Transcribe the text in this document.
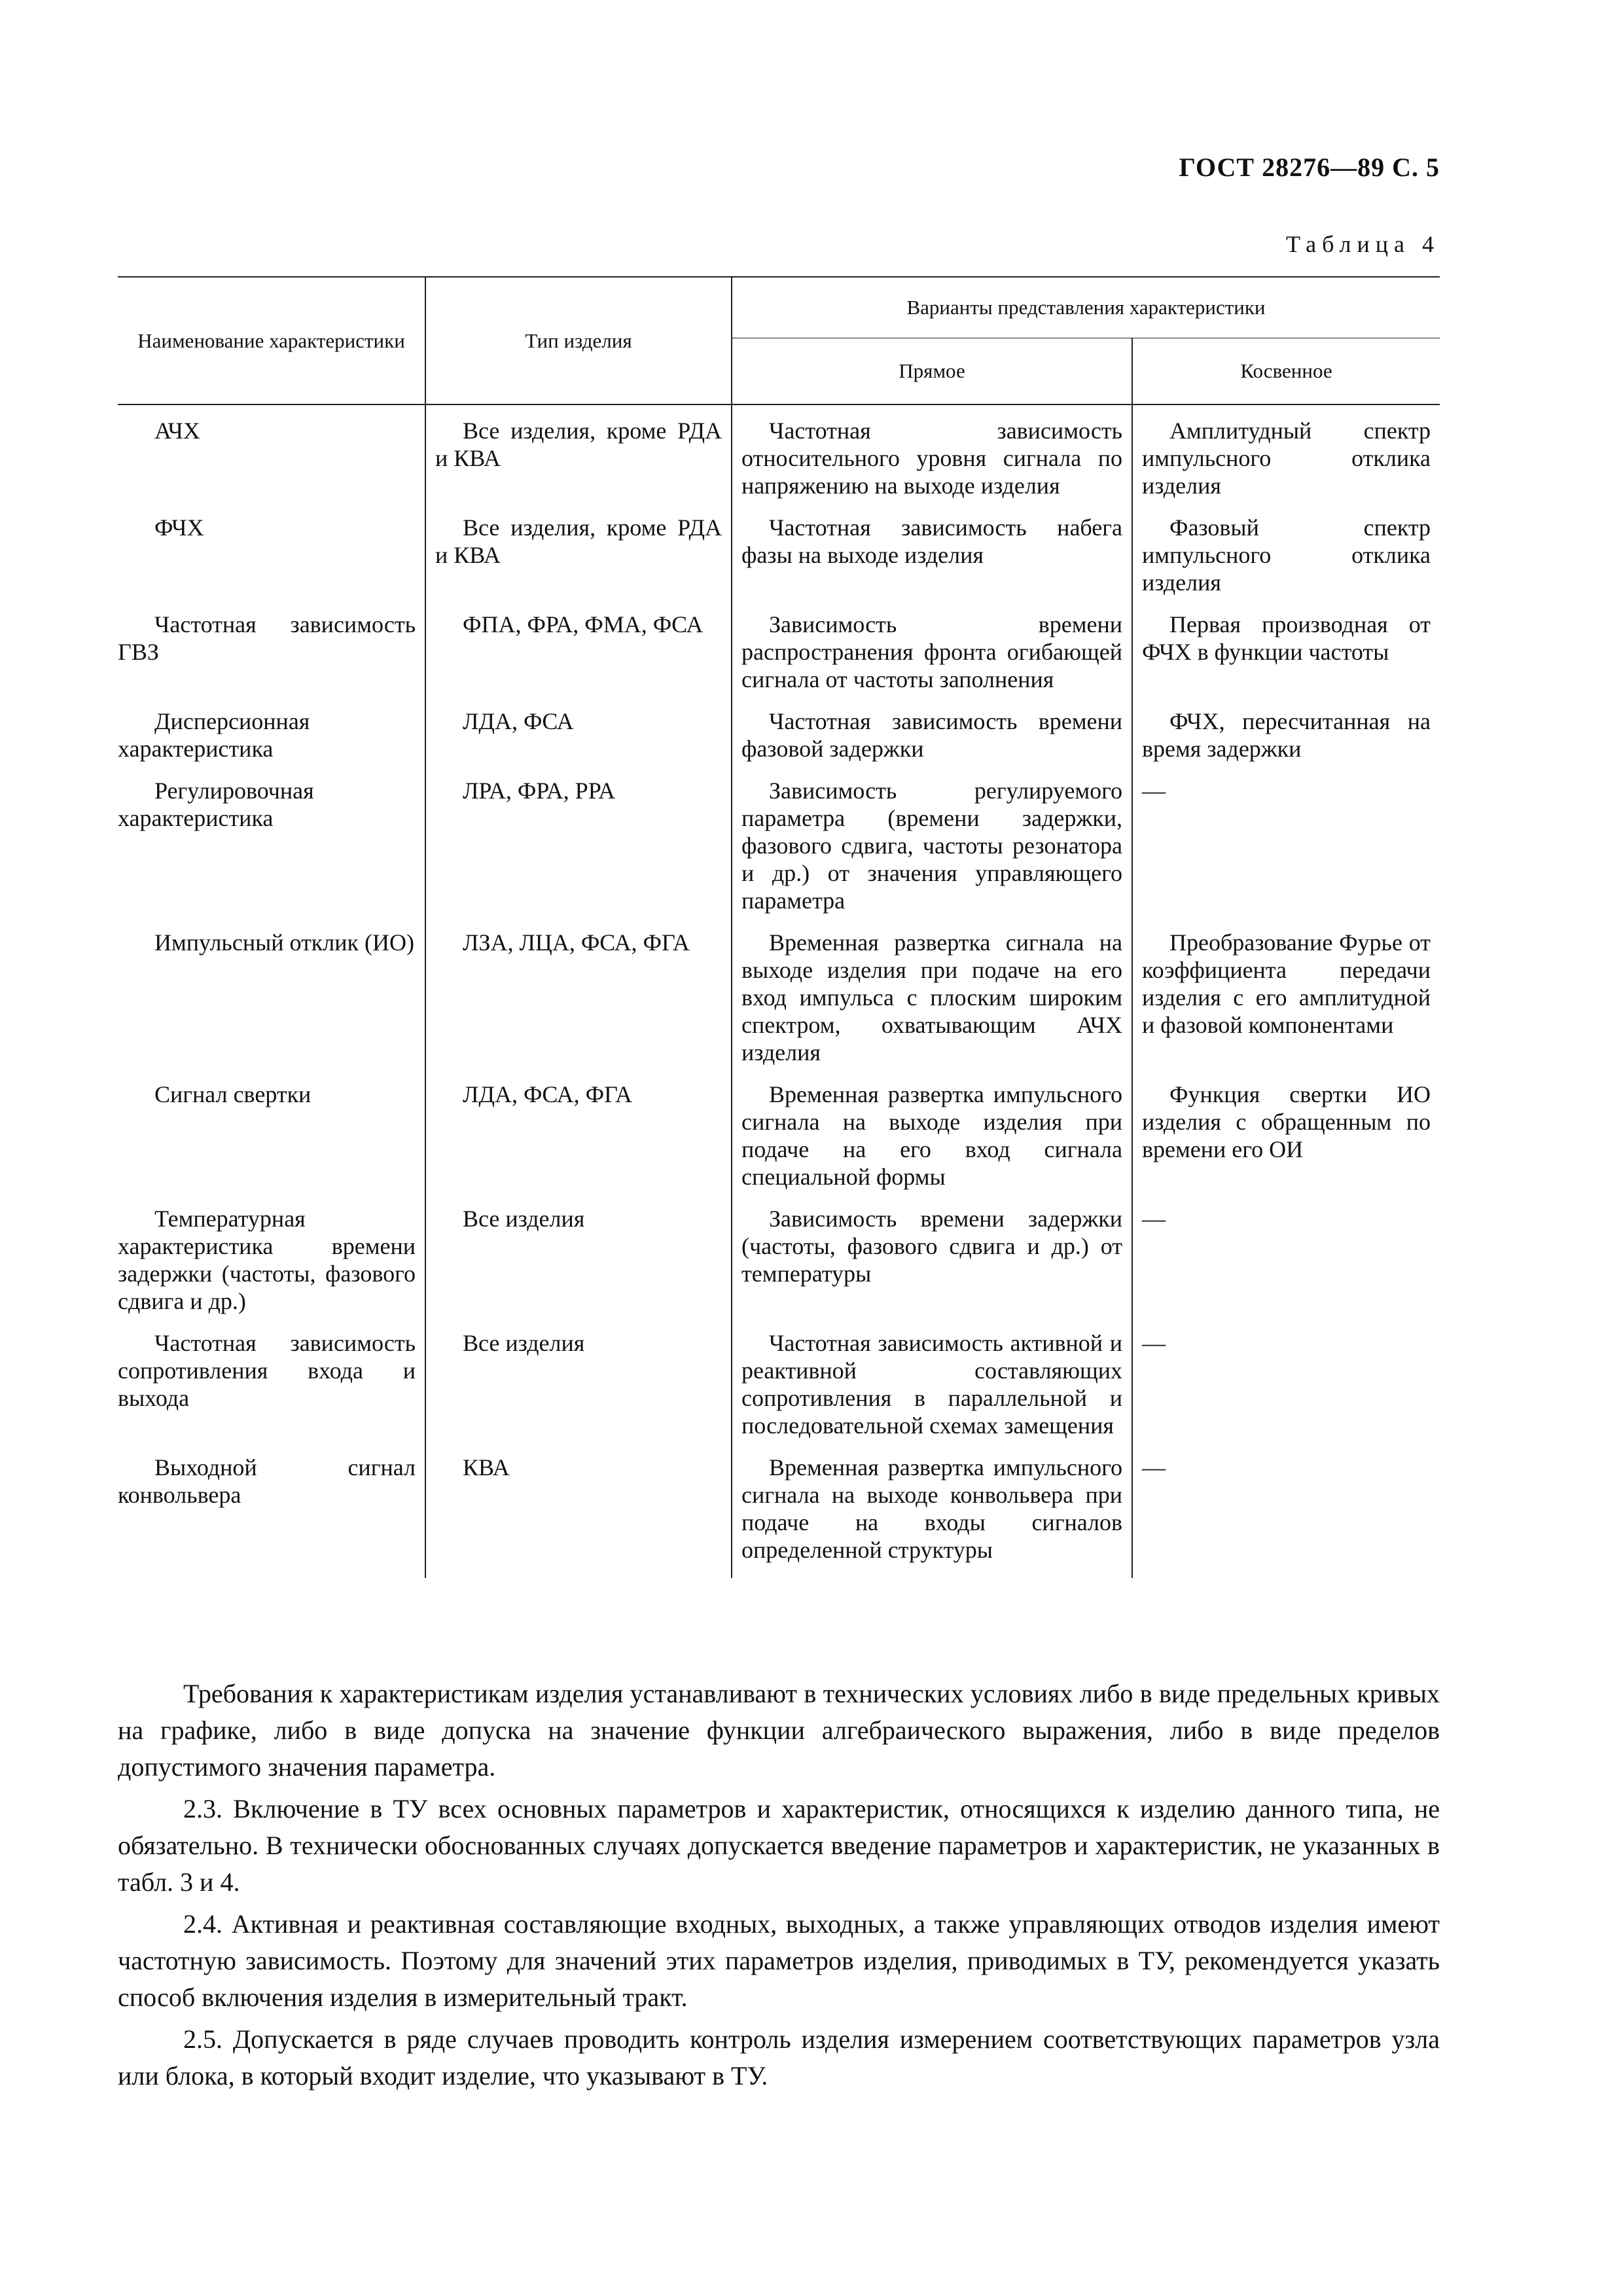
ГОСТ 28276—89 С. 5
Таблица 4
Наименование характеристики	Тип изделия	Варианты представления характеристики	
		Прямое	Косвенное

АЧХ	Все изделия, кроме РДА и КВА	Частотная зависимость относительного уровня сигнала по напряжению на выходе изделия	Амплитудный спектр импульсного отклика изделия

ФЧХ	Все изделия, кроме РДА и КВА	Частотная зависимость набега фазы на выходе изделия	Фазовый спектр импульсного отклика изделия

Частотная зависимость ГВЗ	ФПА, ФРА, ФМА, ФСА	Зависимость времени распространения фронта огибающей сигнала от частоты заполнения	Первая производная от ФЧХ в функции частоты

Дисперсионная характеристика	ЛДА, ФСА	Частотная зависимость времени фазовой задержки	ФЧХ, пересчитанная на время задержки

Регулировочная характеристика	ЛРА, ФРА, РРА	Зависимость регулируемого параметра (времени задержки, фазового сдвига, частоты резонатора и др.) от значения управляющего параметра	—

Импульсный отклик (ИО)	ЛЗА, ЛЦА, ФСА, ФГА	Временная развертка сигнала на выходе изделия при подаче на его вход импульса с плоским широким спектром, охватывающим АЧХ изделия	Преобразование Фурье от коэффициента передачи изделия с его амплитудной и фазовой компонентами

Сигнал свертки	ЛДА, ФСА, ФГА	Временная развертка импульсного сигнала на выходе изделия при подаче на его вход сигнала специальной формы	Функция свертки ИО изделия с обращенным по времени его ОИ

Температурная характеристика времени задержки (частоты, фазового сдвига и др.)	Все изделия	Зависимость времени задержки (частоты, фазового сдвига и др.) от температуры	—

Частотная зависимость сопротивления входа и выхода	Все изделия	Частотная зависимость активной и реактивной составляющих сопротивления в параллельной и последовательной схемах замещения	—

Выходной сигнал конвольвера	КВА	Временная развертка импульсного сигнала на выходе конвольвера при подаче на входы сигналов определенной структуры	—

Требования к характеристикам изделия устанавливают в технических условиях либо в виде предельных кривых на графике, либо в виде допуска на значение функции алгебраического выражения, либо в виде пределов допустимого значения параметра.

2.3. Включение в ТУ всех основных параметров и характеристик, относящихся к изделию данного типа, не обязательно. В технически обоснованных случаях допускается введение параметров и характеристик, не указанных в табл. 3 и 4.

2.4. Активная и реактивная составляющие входных, выходных, а также управляющих отводов изделия имеют частотную зависимость. Поэтому для значений этих параметров изделия, приводимых в ТУ, рекомендуется указать способ включения изделия в измерительный тракт.

2.5. Допускается в ряде случаев проводить контроль изделия измерением соответствующих параметров узла или блока, в который входит изделие, что указывают в ТУ.
